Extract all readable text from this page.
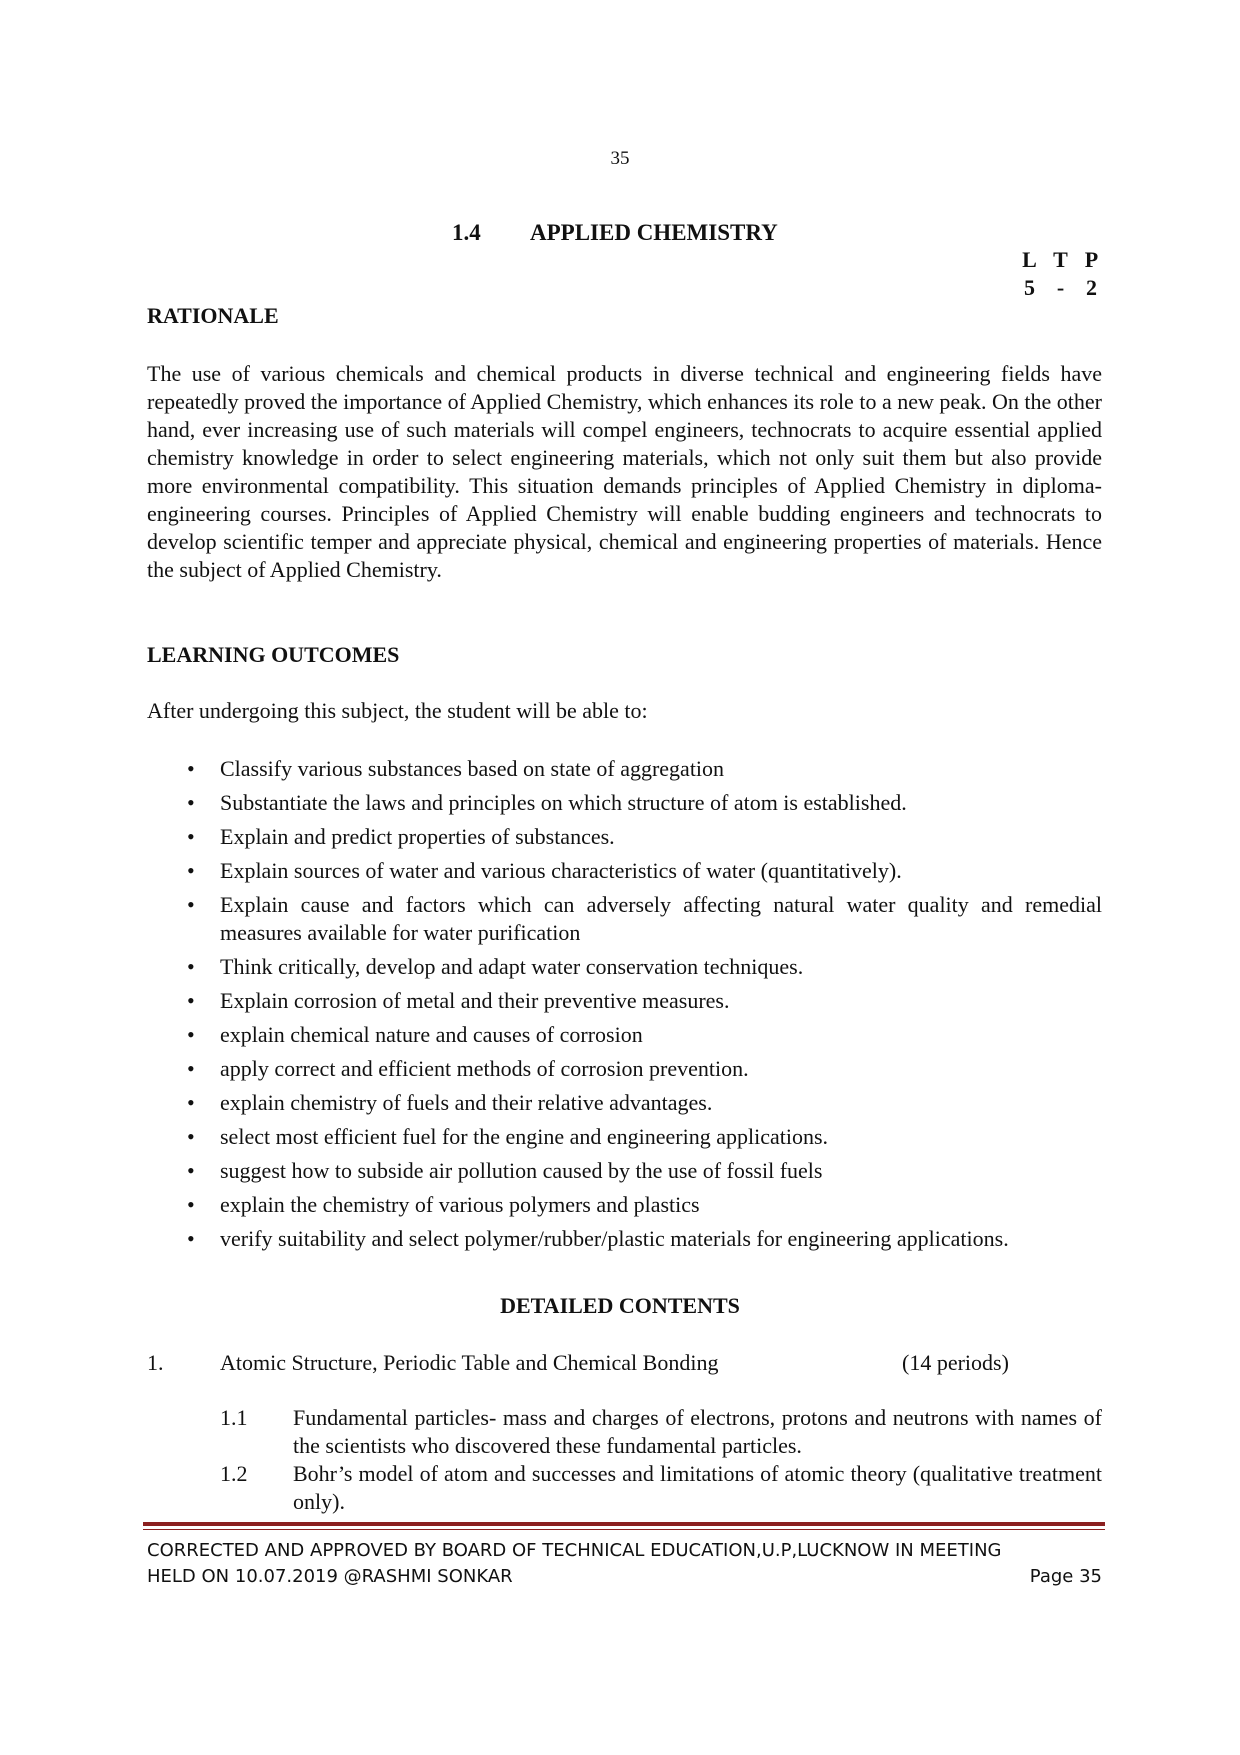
35
1.4 APPLIED CHEMISTRY
L	T	P
5	-	2
RATIONALE

The use of various chemicals and chemical products in diverse technical and engineering fields have repeatedly proved the importance of Applied Chemistry, which enhances its role to a new peak. On the other hand, ever increasing use of such materials will compel engineers, technocrats to acquire essential applied chemistry knowledge in order to select engineering materials, which not only suit them but also provide more environmental compatibility. This situation demands principles of Applied Chemistry in diploma-engineering courses. Principles of Applied Chemistry will enable budding engineers and technocrats to develop scientific temper and appreciate physical, chemical and engineering properties of materials. Hence the subject of Applied Chemistry.

LEARNING OUTCOMES

After undergoing this subject, the student will be able to:

• Classify various substances based on state of aggregation
• Substantiate the laws and principles on which structure of atom is established.
• Explain and predict properties of substances.
• Explain sources of water and various characteristics of water (quantitatively).
• Explain cause and factors which can adversely affecting natural water quality and remedial measures available for water purification
• Think critically, develop and adapt water conservation techniques.
• Explain corrosion of metal and their preventive measures.
• explain chemical nature and causes of corrosion
• apply correct and efficient methods of corrosion prevention.
• explain chemistry of fuels and their relative advantages.
• select most efficient fuel for the engine and engineering applications.
• suggest how to subside air pollution caused by the use of fossil fuels
• explain the chemistry of various polymers and plastics
• verify suitability and select polymer/rubber/plastic materials for engineering applications.
DETAILED CONTENTS
1.	Atomic Structure, Periodic Table and Chemical Bonding	(14 periods)
1.1 Fundamental particles- mass and charges of electrons, protons and neutrons with names of the scientists who discovered these fundamental particles.
1.2 Bohr’s model of atom and successes and limitations of atomic theory (qualitative treatment only).
CORRECTED AND APPROVED BY BOARD OF TECHNICAL EDUCATION,U.P,LUCKNOW IN MEETING
HELD ON 10.07.2019 @RASHMI SONKAR	Page 35
